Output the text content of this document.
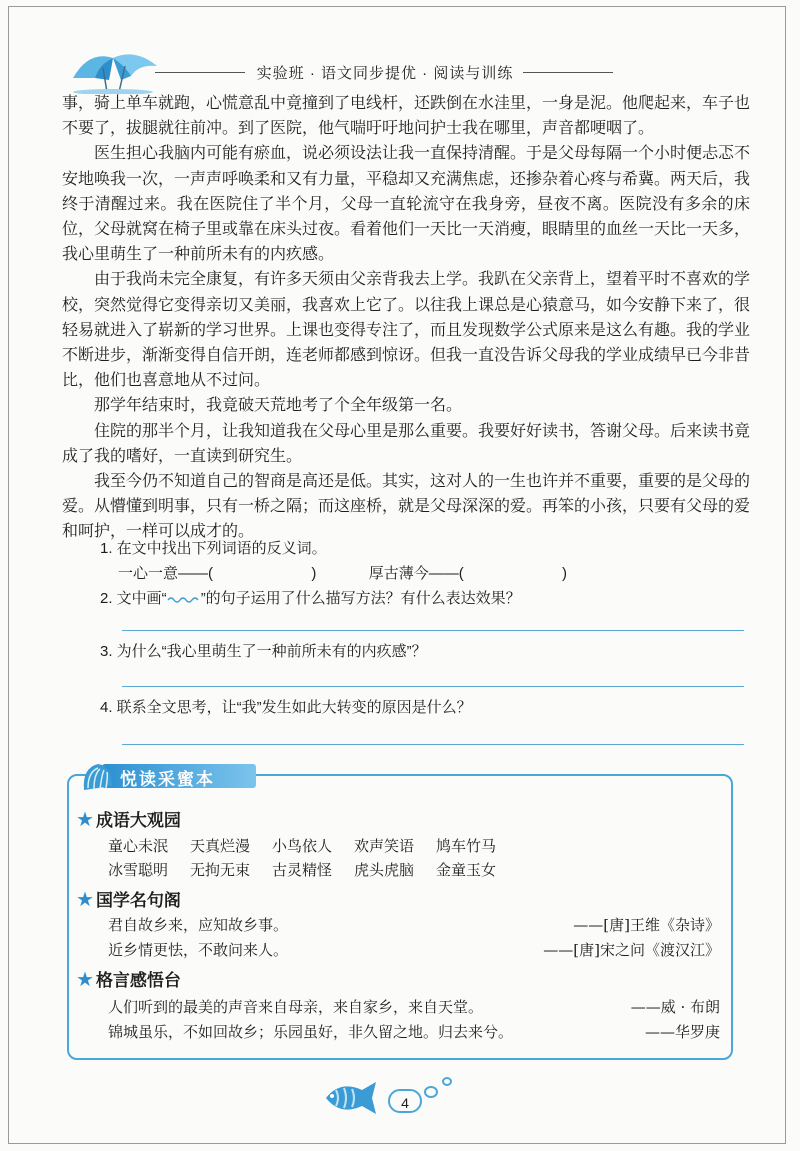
实验班 · 语文同步提优 · 阅读与训练

事，骑上单车就跑，心慌意乱中竟撞到了电线杆，还跌倒在水洼里，一身是泥。他爬起来，车子也不要了，拔腿就往前冲。到了医院，他气喘吁吁地问护士我在哪里，声音都哽咽了。

医生担心我脑内可能有瘀血，说必须设法让我一直保持清醒。于是父母每隔一个小时便忐忑不安地唤我一次，一声声呼唤柔和又有力量，平稳却又充满焦虑，还掺杂着心疼与希冀。两天后，我终于清醒过来。我在医院住了半个月，父母一直轮流守在我身旁，昼夜不离。医院没有多余的床位，父母就窝在椅子里或靠在床头过夜。看着他们一天比一天消瘦，眼睛里的血丝一天比一天多，我心里萌生了一种前所未有的内疚感。

由于我尚未完全康复，有许多天须由父亲背我去上学。我趴在父亲背上，望着平时不喜欢的学校，突然觉得它变得亲切又美丽，我喜欢上它了。以往我上课总是心猿意马，如今安静下来了，很轻易就进入了崭新的学习世界。上课也变得专注了，而且发现数学公式原来是这么有趣。我的学业不断进步，渐渐变得自信开朗，连老师都感到惊讶。但我一直没告诉父母我的学业成绩早已今非昔比，他们也喜意地从不过问。

那学年结束时，我竟破天荒地考了个全年级第一名。

住院的那半个月，让我知道我在父母心里是那么重要。我要好好读书，答谢父母。后来读书竟成了我的嗜好，一直读到研究生。

我至今仍不知道自己的智商是高还是低。其实，这对人的一生也许并不重要，重要的是父母的爱。从懵懂到明事，只有一桥之隔；而这座桥，就是父母深深的爱。再笨的小孩，只要有父母的爱和呵护，一样可以成才的。

1. 在文中找出下列词语的反义词。
一心一意——(	)	厚古薄今——(	)
2. 文中画“ ”的句子运用了什么描写方法？有什么表达效果？
3. 为什么“我心里萌生了一种前所未有的内疚感”？
4. 联系全文思考，让“我”发生如此大转变的原因是什么？
悦读采蜜本
★ 成语大观园
童心未泯 天真烂漫 小鸟依人 欢声笑语 鸠车竹马
冰雪聪明 无拘无束 古灵精怪 虎头虎脑 金童玉女
★ 国学名句阁
君自故乡来，应知故乡事。	——[唐]王维《杂诗》
近乡情更怯，不敢问来人。	——[唐]宋之问《渡汉江》
★ 格言感悟台
人们听到的最美的声音来自母亲，来自家乡，来自天堂。	——威 · 布朗
锦城虽乐，不如回故乡；乐园虽好，非久留之地。归去来兮。	——华罗庚
4
